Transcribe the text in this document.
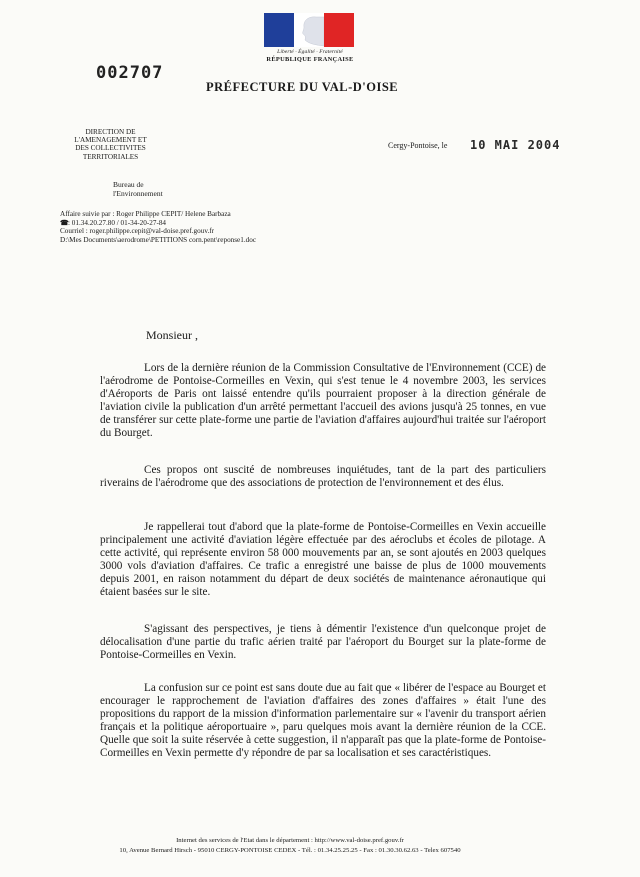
Liberté · Égalité · Fraternité
RÉPUBLIQUE FRANÇAISE
002707
PRÉFECTURE DU VAL-D'OISE
DIRECTION DE
L'AMENAGEMENT ET
DES COLLECTIVITES
TERRITORIALES
Cergy-Pontoise, le 10 MAI 2004
Bureau de
l'Environnement
Affaire suivie par : Roger Philippe CEPIT/ Helene Barbaza
☎: 01.34.20.27.80 / 01-34-20-27-84
Courriel : roger.philippe.cepit@val-doise.pref.gouv.fr
D:\Mes Documents\aerodrome\PETITIONS corn.pent\reponse1.doc
Monsieur ,

Lors de la dernière réunion de la Commission Consultative de l'Environnement (CCE) de l'aérodrome de Pontoise-Cormeilles en Vexin, qui s'est tenue le 4 novembre 2003, les services d'Aéroports de Paris ont laissé entendre qu'ils pourraient proposer à la direction générale de l'aviation civile la publication d'un arrêté permettant l'accueil des avions jusqu'à 25 tonnes, en vue de transférer sur cette plate-forme une partie de l'aviation d'affaires aujourd'hui traitée sur l'aéroport du Bourget.

Ces propos ont suscité de nombreuses inquiétudes, tant de la part des particuliers riverains de l'aérodrome que des associations de protection de l'environnement et des élus.

Je rappellerai tout d'abord que la plate-forme de Pontoise-Cormeilles en Vexin accueille principalement une activité d'aviation légère effectuée par des aéroclubs et écoles de pilotage. A cette activité, qui représente environ 58 000 mouvements par an, se sont ajoutés en 2003 quelques 3000 vols d'aviation d'affaires. Ce trafic a enregistré une baisse de plus de 1000 mouvements depuis 2001, en raison notamment du départ de deux sociétés de maintenance aéronautique qui étaient basées sur le site.

S'agissant des perspectives, je tiens à démentir l'existence d'un quelconque projet de délocalisation d'une partie du trafic aérien traité par l'aéroport du Bourget sur la plate-forme de Pontoise-Cormeilles en Vexin.

La confusion sur ce point est sans doute due au fait que « libérer de l'espace au Bourget et encourager le rapprochement de l'aviation d'affaires des zones d'affaires » était l'une des propositions du rapport de la mission d'information parlementaire sur « l'avenir du transport aérien français et la politique aéroportuaire », paru quelques mois avant la dernière réunion de la CCE. Quelle que soit la suite réservée à cette suggestion, il n'apparaît pas que la plate-forme de Pontoise-Cormeilles en Vexin permette d'y répondre de par sa localisation et ses caractéristiques.

Internet des services de l'Etat dans le département : http://www.val-doise.pref.gouv.fr
10, Avenue Bernard Hirsch - 95010 CERGY-PONTOISE CEDEX - Tél. : 01.34.25.25.25 - Fax : 01.30.30.62.63 - Telex 607540
